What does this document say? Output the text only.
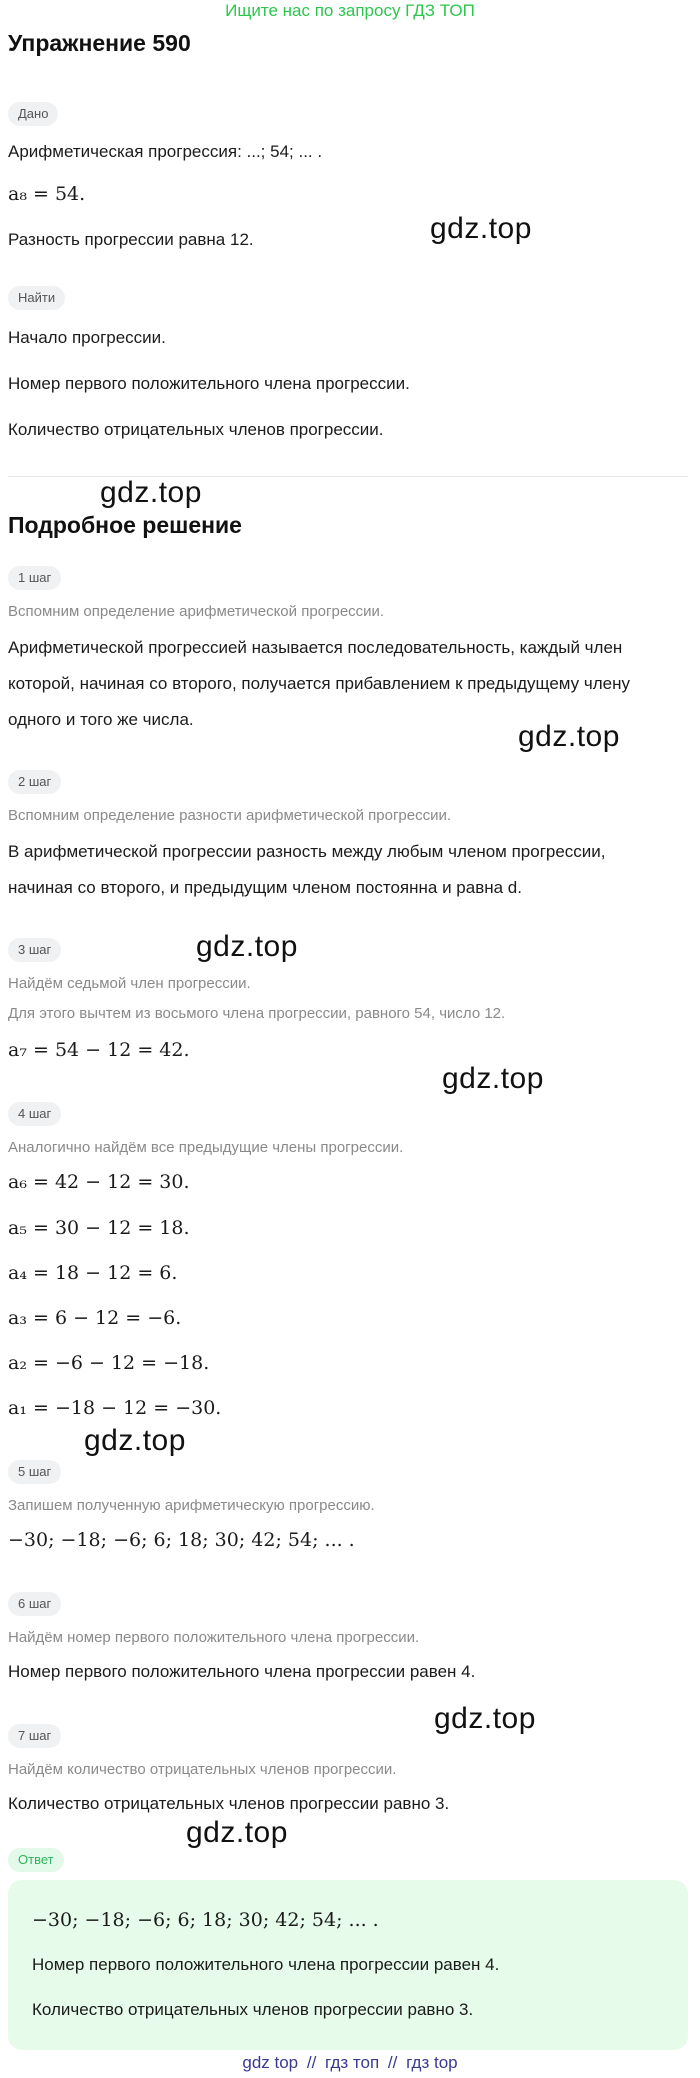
Ищите нас по запросу ГДЗ ТОП
Упражнение 590
Дано

Арифметическая прогрессия: ...; 54; ... .

a₈ = 54.

Разность прогрессии равна 12.

Найти

Начало прогрессии.

Номер первого положительного члена прогрессии.

Количество отрицательных членов прогрессии.

Подробное решение
1 шаг

Вспомним определение арифметической прогрессии.

Арифметической прогрессией называется последовательность, каждый член

которой, начиная со второго, получается прибавлением к предыдущему члену

одного и того же числа.

2 шаг

Вспомним определение разности арифметической прогрессии.

В арифметической прогрессии разность между любым членом прогрессии,

начиная со второго, и предыдущим членом постоянна и равна d.

3 шаг

Найдём седьмой член прогрессии.

Для этого вычтем из восьмого члена прогрессии, равного 54, число 12.

a₇ = 54 − 12 = 42.

4 шаг

Аналогично найдём все предыдущие члены прогрессии.

a₆ = 42 − 12 = 30.

a₅ = 30 − 12 = 18.

a₄ = 18 − 12 = 6.

a₃ = 6 − 12 = −6.

a₂ = −6 − 12 = −18.

a₁ = −18 − 12 = −30.

5 шаг

Запишем полученную арифметическую прогрессию.

−30; −18; −6; 6; 18; 30; 42; 54; ... .

6 шаг

Найдём номер первого положительного члена прогрессии.

Номер первого положительного члена прогрессии равен 4.

7 шаг

Найдём количество отрицательных членов прогрессии.

Количество отрицательных членов прогрессии равно 3.

Ответ

−30; −18; −6; 6; 18; 30; 42; 54; ... .

Номер первого положительного члена прогрессии равен 4.

Количество отрицательных членов прогрессии равно 3.

gdz.top
gdz.top
gdz.top
gdz.top
gdz.top
gdz.top
gdz.top
gdz.top
gdz top // гдз топ // гдз top
